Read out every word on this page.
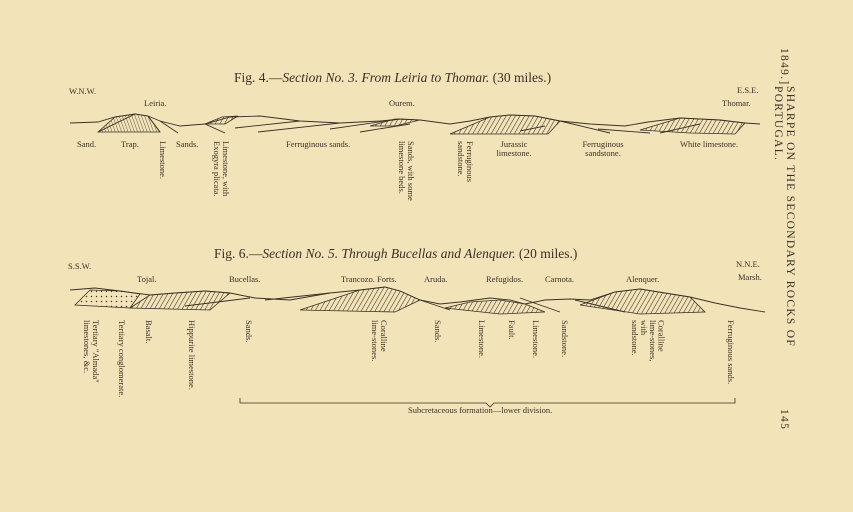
1849.]
SHARPE ON THE SECONDARY ROCKS OF PORTUGAL.
145
Fig. 4.—Section No. 3. From Leiria to Thomar. (30 miles.)
W.N.W.	E.S.E.
Leiria.	Ourem.	Thomar.
Sand.	Trap.	Sands.	Ferruginous sands.	Jurassic limestone.
Ferruginous sandstone.
White limestone.
Limestone.	Limestone, with Exogyra plicata.	Sands, with some limestone beds.	Ferruginous sandstone.
Fig. 6.—Section No. 5. Through Bucellas and Alenquer. (20 miles.)
S.S.W.	N.N.E.
Tojal.	Bucellas.	Trancozo. Forts.	Aruda.	Refugidos.	Carnota.	Alenquer.	Marsh.
Tertiary "Almada" limestones, &c.	Tertiary conglomerate. Basalt.	Hippurite limestone.	Sands.	Coralline lime-stones.	Sands.	Limestone. Fault. Limestone. Sandstone.	Coralline lime-stones, with sandstone.	Ferruginous sands.
Subcretaceous formation—lower division.
